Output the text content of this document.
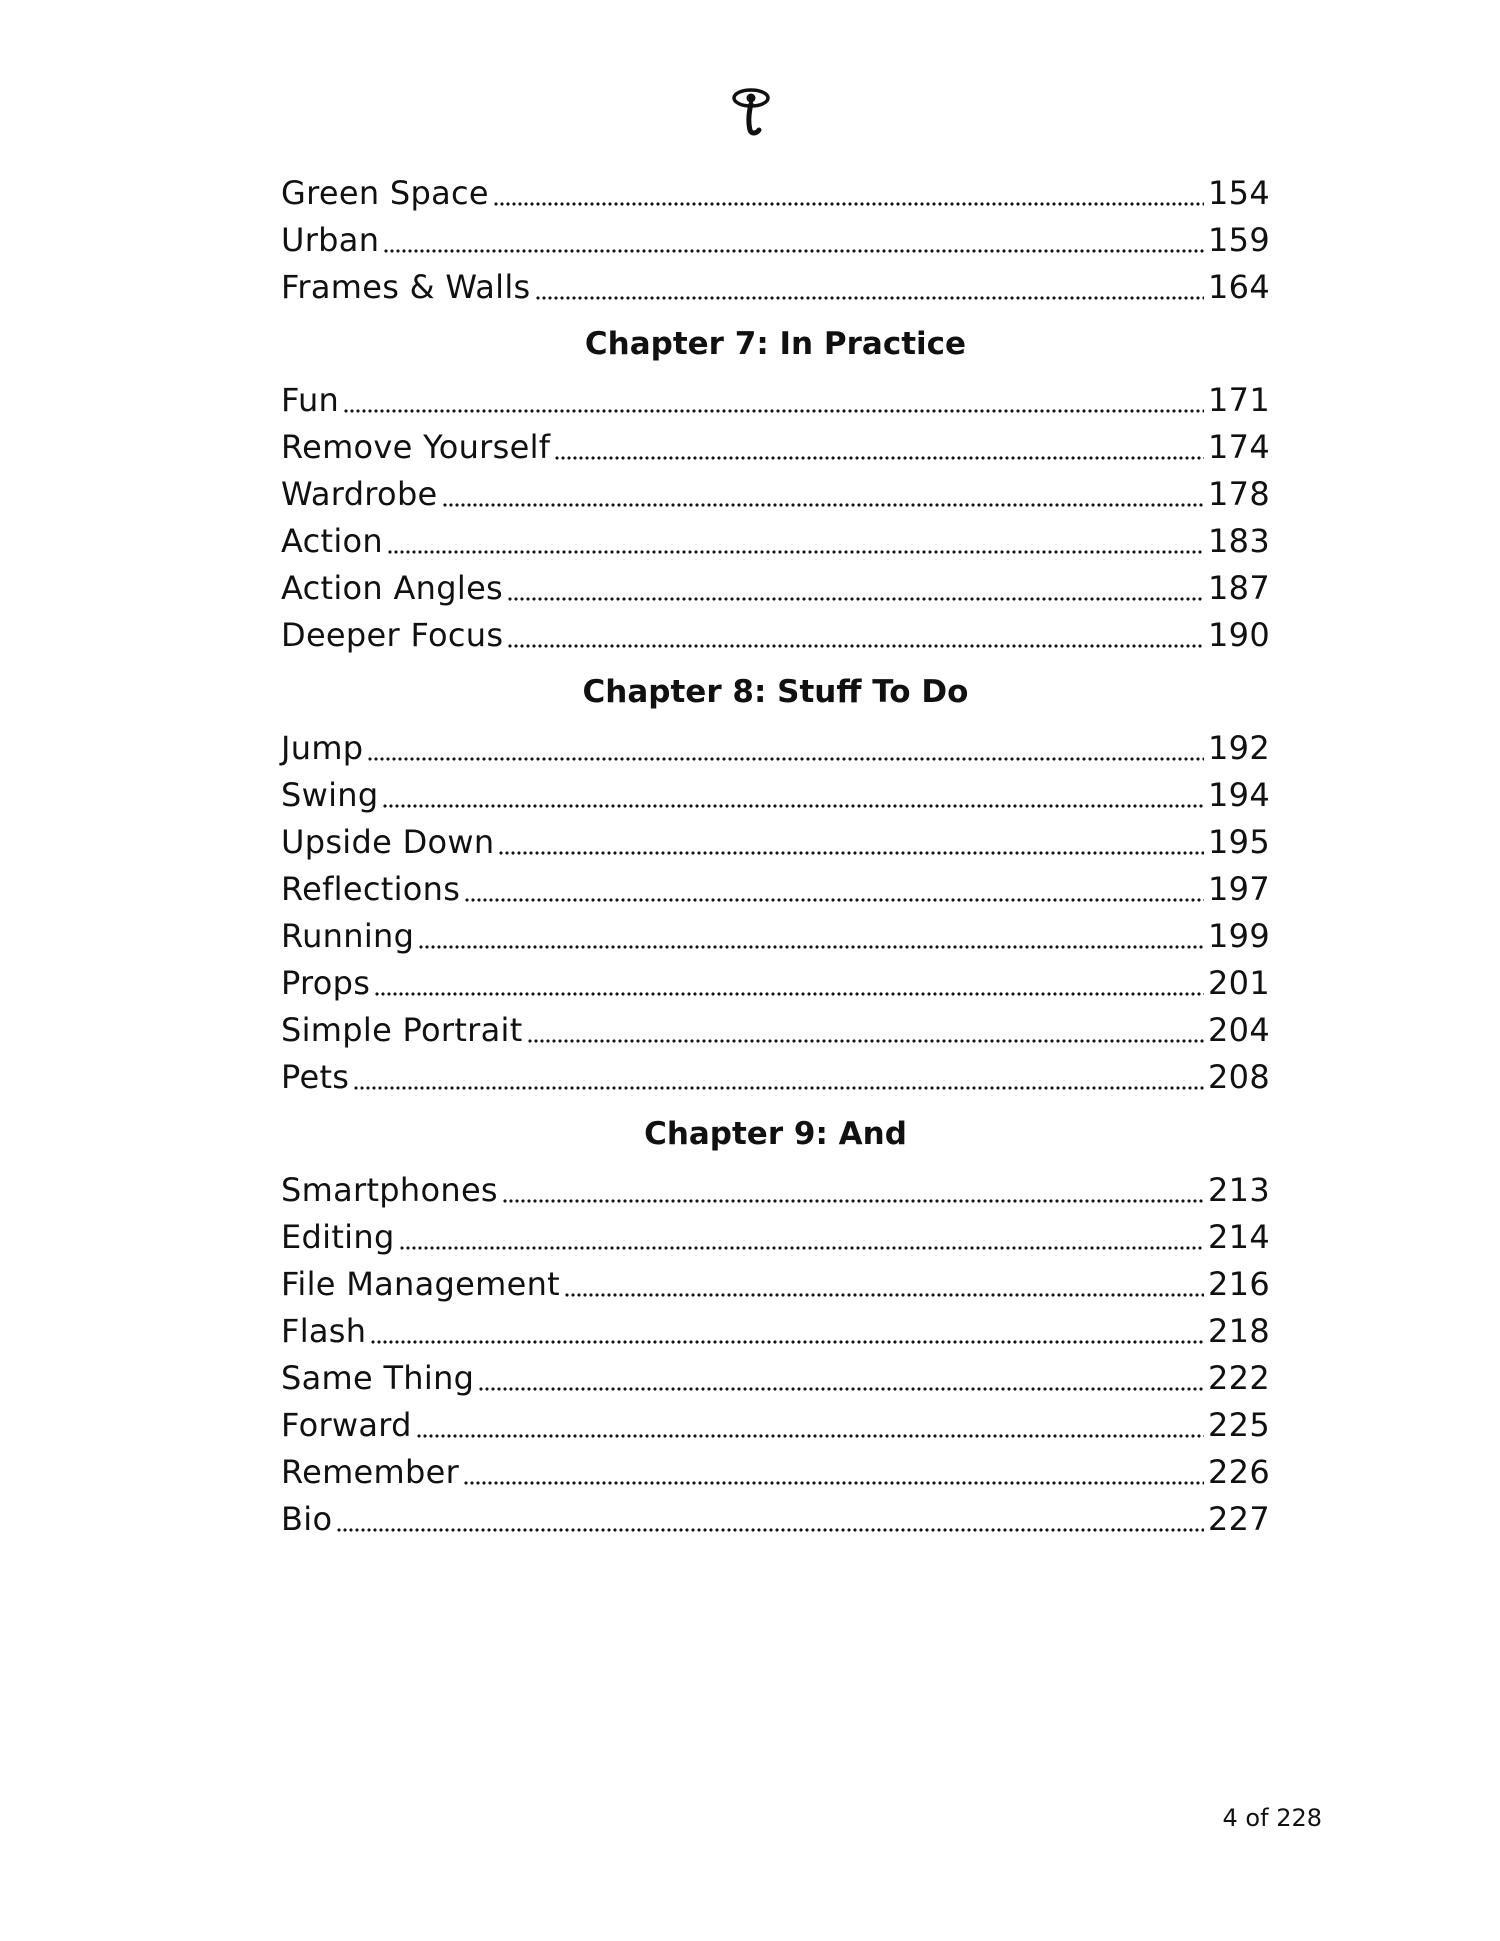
Green Space	154
Urban	159
Frames & Walls	164
Chapter 7: In Practice
Fun	171
Remove Yourself	174
Wardrobe	178
Action	183
Action Angles	187
Deeper Focus	190
Chapter 8: Stuff To Do
Jump	192
Swing	194
Upside Down	195
Reflections	197
Running	199
Props	201
Simple Portrait	204
Pets	208
Chapter 9: And
Smartphones	213
Editing	214
File Management	216
Flash	218
Same Thing	222
Forward	225
Remember	226
Bio	227
4 of 228
